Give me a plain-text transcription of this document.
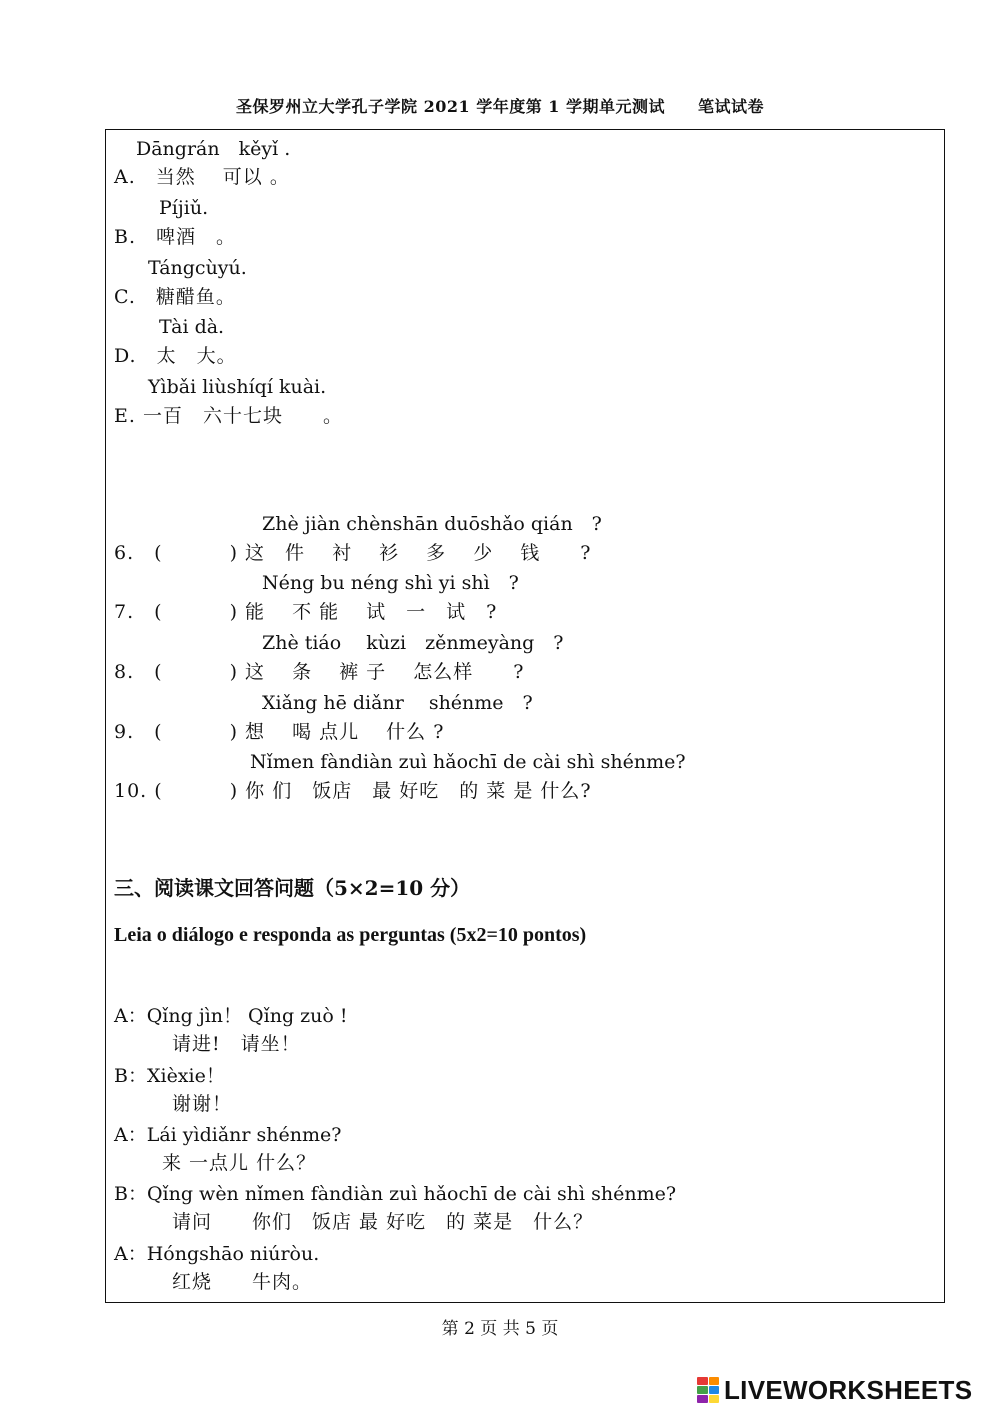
圣保罗州立大学孔子学院 2021 学年度第 1 学期单元测试　　笔试试卷
Dāngrán　kěyǐ .
A.　当然　 可以 。
Píjiǔ.
B.　啤酒　。
Tángcùyú.
C.　糖醋鱼。
Tài dà.
D.　太　大。
Yìbǎi liùshíqí kuài.
E. 一百　六十七块　　。
Zhè jiàn chènshān duōshǎo qián　?
6.　(　　　 ) 这　件　 衬　 衫　 多　 少　 钱　　?
Néng bu néng shì yi shì　?
7.　(　　　 ) 能　 不 能　 试　一　试　?
Zhè tiáo　 kùzi　zěnmeyàng　?
8.　(　　　 ) 这　 条　 裤 子　 怎么样　　?
Xiǎng hē diǎnr　 shénme　?
9.　(　　　 ) 想　 喝 点儿　 什么 ?
Nǐmen fàndiàn zuì hǎochī de cài shì shénme?
10. (　　　 ) 你 们　饭店　最 好吃　的 菜 是 什么?
三、阅读课文回答问题（5×2=10 分）
Leia o diálogo e responda as perguntas (5x2=10 pontos)
A：Qǐng jìn！ Qǐng zuò !
请进!　请坐！
B：Xièxie！
谢谢！
A：Lái yìdiǎnr shénme?
来 一点儿 什么？
B：Qǐng wèn nǐmen fàndiàn zuì hǎochī de cài shì shénme?
请问　　你们　饭店 最 好吃　的 菜是　什么？
A：Hóngshāo niúròu.
红烧　　牛肉。
第 2 页 共 5 页
LIVEWORKSHEETS
